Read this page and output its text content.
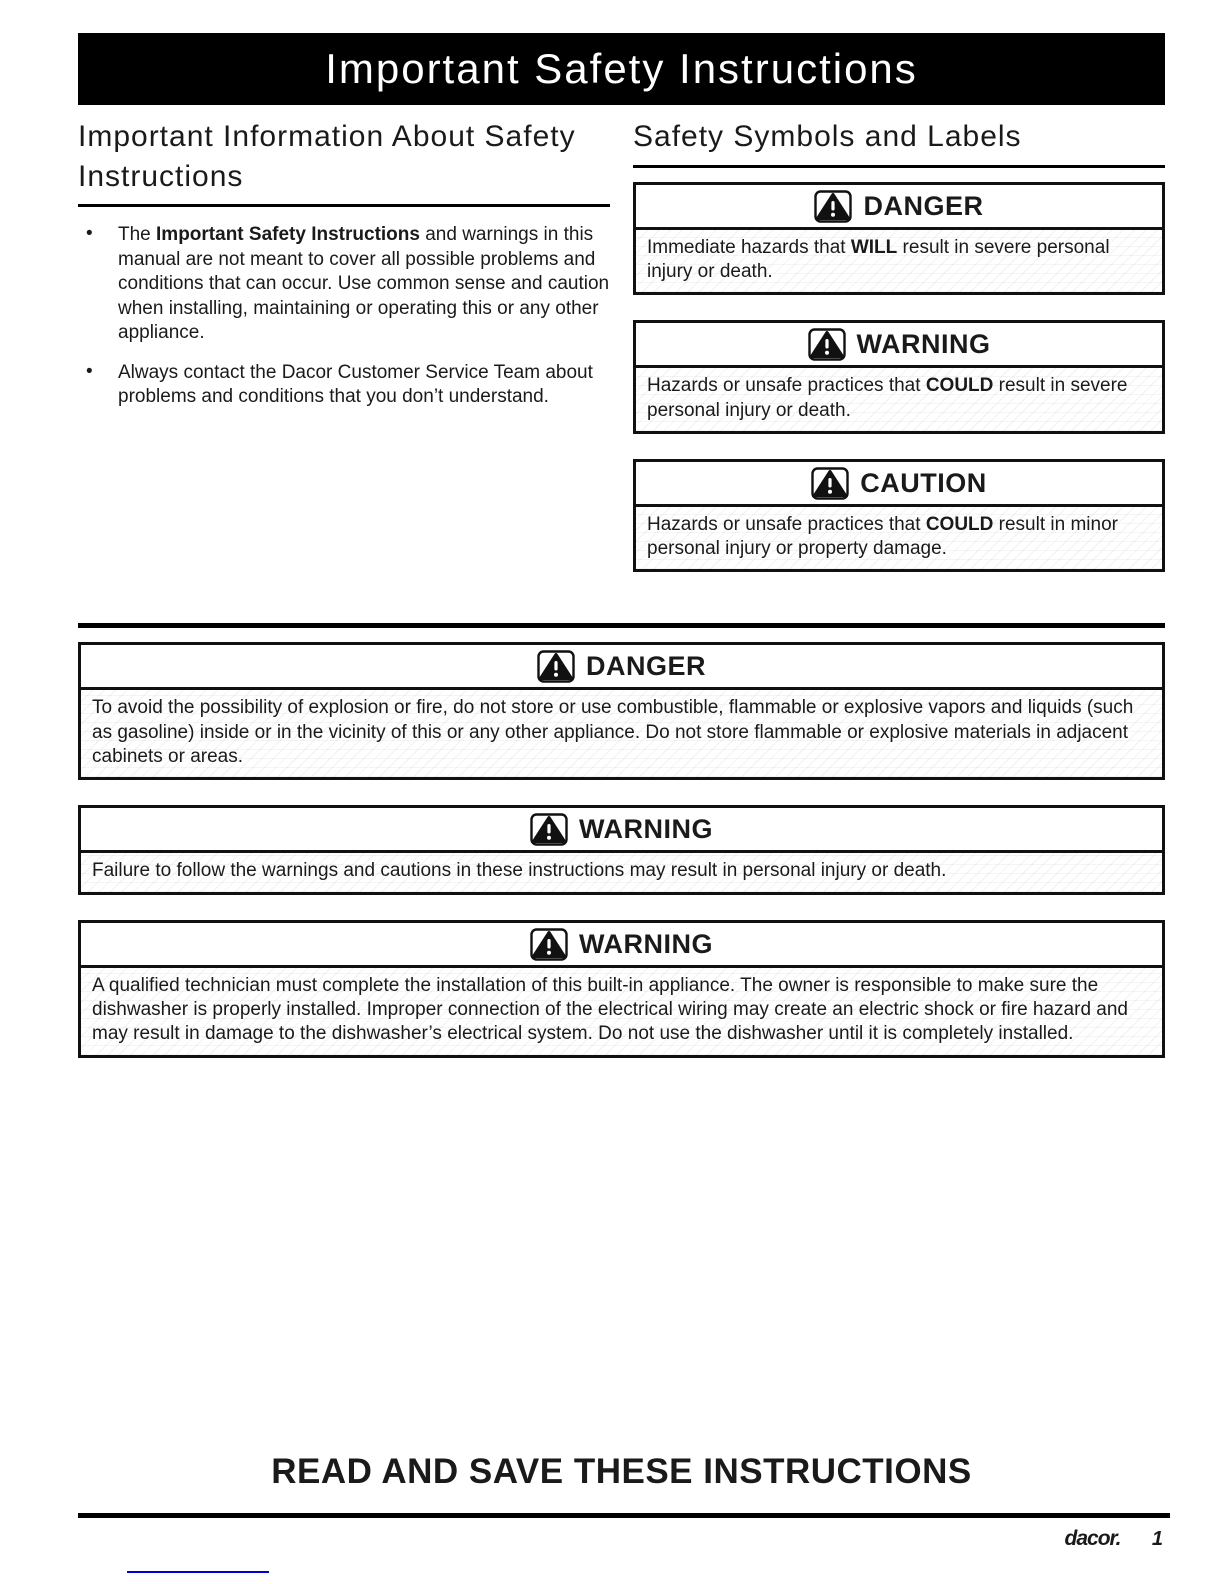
Important Safety Instructions
Important Information About Safety Instructions
• The Important Safety Instructions and warnings in this manual are not meant to cover all possible problems and conditions that can occur. Use common sense and caution when installing, maintaining or operating this or any other appliance.
• Always contact the Dacor Customer Service Team about problems and conditions that you don’t understand.
Safety Symbols and Labels
DANGER
Immediate hazards that WILL result in severe personal injury or death.
WARNING
Hazards or unsafe practices that COULD result in severe personal injury or death.
CAUTION
Hazards or unsafe practices that COULD result in minor personal injury or property damage.
DANGER
To avoid the possibility of explosion or fire, do not store or use combustible, flammable or explosive vapors and liquids (such as gasoline) inside or in the vicinity of this or any other appliance. Do not store flammable or explosive materials in adjacent cabinets or areas.
WARNING
Failure to follow the warnings and cautions in these instructions may result in personal injury or death.
WARNING
A qualified technician must complete the installation of this built-in appliance. The owner is responsible to make sure the dishwasher is properly installed. Improper connection of the electrical wiring may create an electric shock or fire hazard and may result in damage to the dishwasher’s electrical system. Do not use the dishwasher until it is completely installed.

READ AND SAVE THESE INSTRUCTIONS

dacor. 1
